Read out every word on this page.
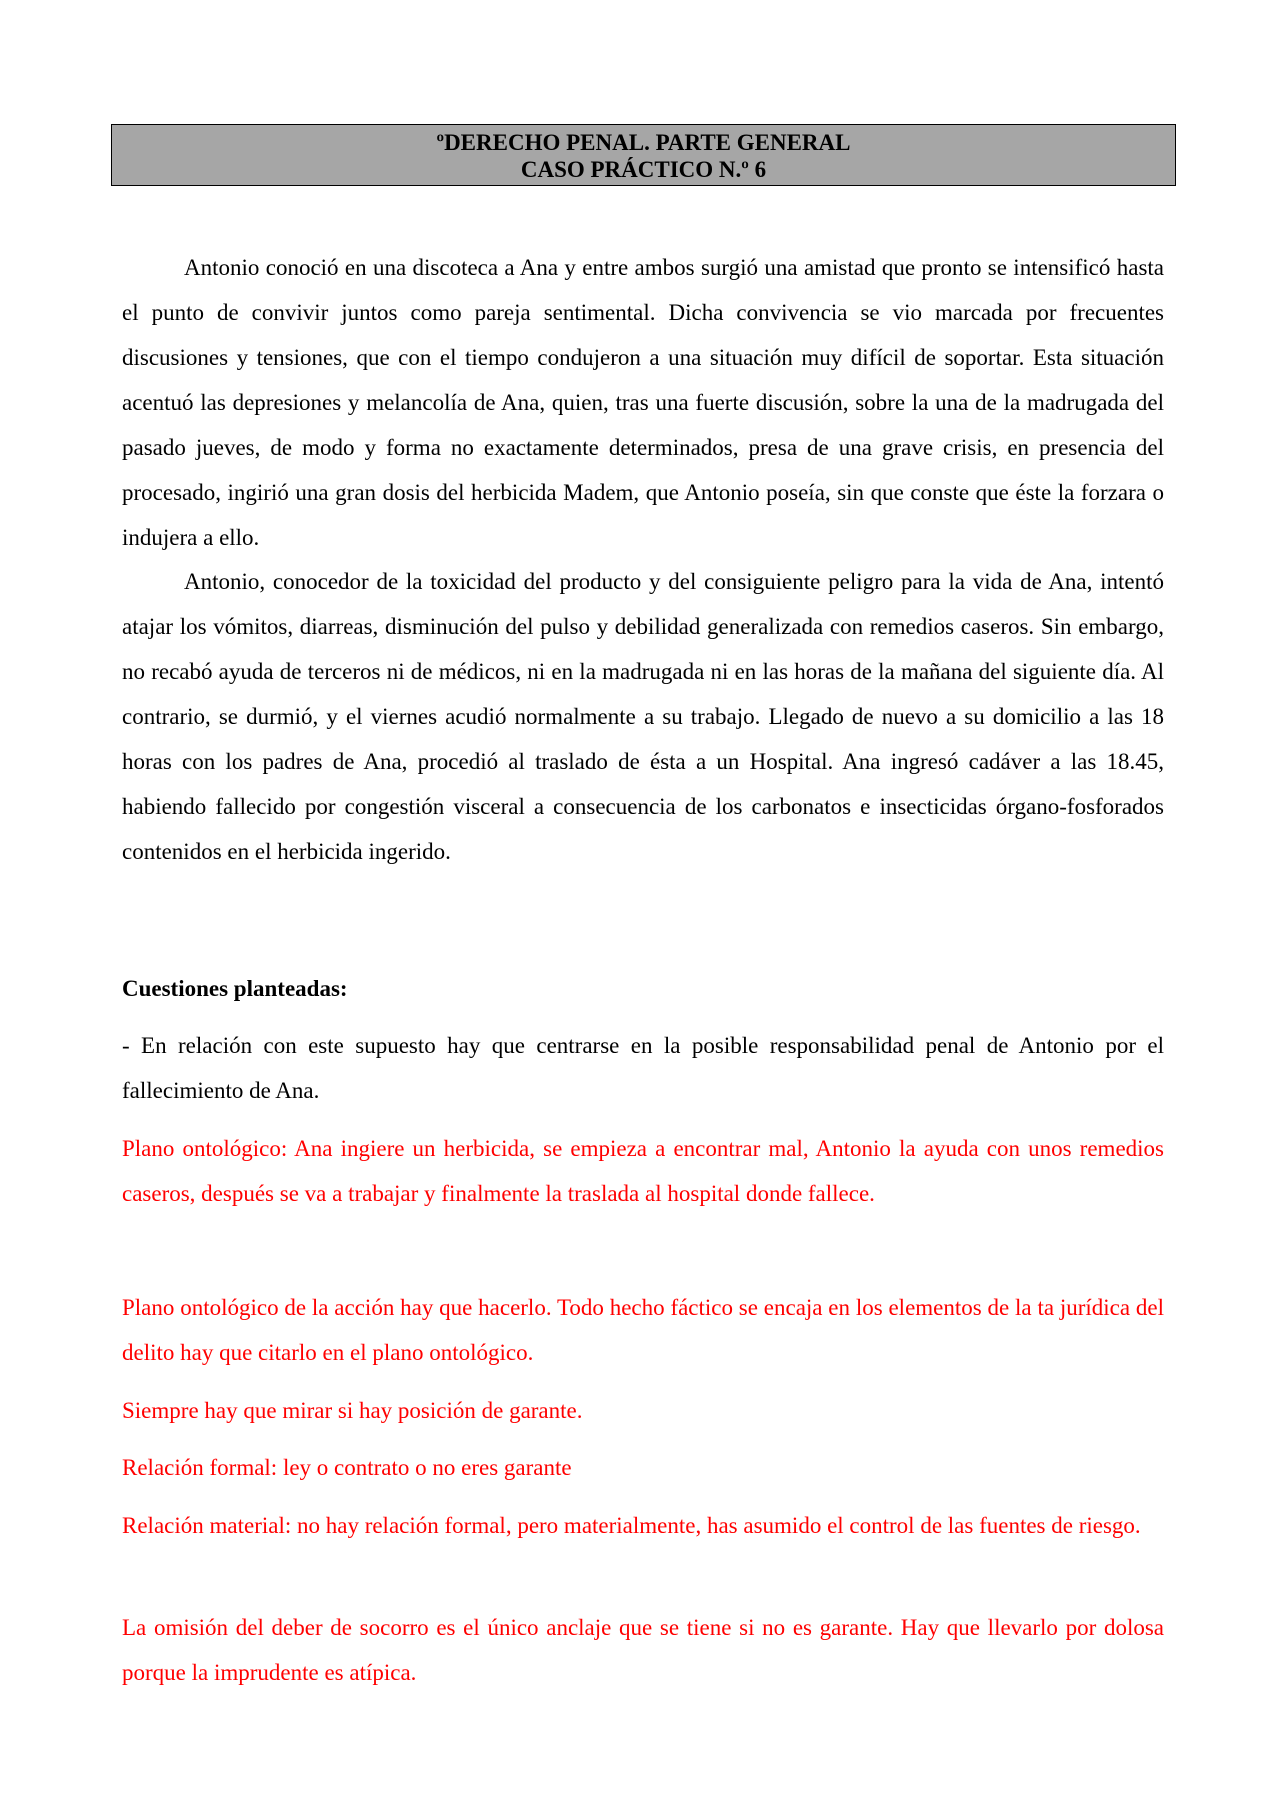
ºDERECHO PENAL. PARTE GENERAL
CASO PRÁCTICO N.º 6

Antonio conoció en una discoteca a Ana y entre ambos surgió una amistad que pronto se intensificó hasta el punto de convivir juntos como pareja sentimental. Dicha convivencia se vio marcada por frecuentes discusiones y tensiones, que con el tiempo condujeron a una situación muy difícil de soportar. Esta situación acentuó las depresiones y melancolía de Ana, quien, tras una fuerte discusión, sobre la una de la madrugada del pasado jueves, de modo y forma no exactamente determinados, presa de una grave crisis, en presencia del procesado, ingirió una gran dosis del herbicida Madem, que Antonio poseía, sin que conste que éste la forzara o indujera a ello.

Antonio, conocedor de la toxicidad del producto y del consiguiente peligro para la vida de Ana, intentó atajar los vómitos, diarreas, disminución del pulso y debilidad generalizada con remedios caseros. Sin embargo, no recabó ayuda de terceros ni de médicos, ni en la madrugada ni en las horas de la mañana del siguiente día. Al contrario, se durmió, y el viernes acudió normalmente a su trabajo. Llegado de nuevo a su domicilio a las 18 horas con los padres de Ana, procedió al traslado de ésta a un Hospital. Ana ingresó cadáver a las 18.45, habiendo fallecido por congestión visceral a consecuencia de los carbonatos e insecticidas órgano-fosforados contenidos en el herbicida ingerido.

Cuestiones planteadas:

- En relación con este supuesto hay que centrarse en la posible responsabilidad penal de Antonio por el fallecimiento de Ana.

Plano ontológico: Ana ingiere un herbicida, se empieza a encontrar mal, Antonio la ayuda con unos remedios caseros, después se va a trabajar y finalmente la traslada al hospital donde fallece.

Plano ontológico de la acción hay que hacerlo. Todo hecho fáctico se encaja en los elementos de la ta jurídica del delito hay que citarlo en el plano ontológico.

Siempre hay que mirar si hay posición de garante.

Relación formal: ley o contrato o no eres garante

Relación material: no hay relación formal, pero materialmente, has asumido el control de las fuentes de riesgo.

La omisión del deber de socorro es el único anclaje que se tiene si no es garante. Hay que llevarlo por dolosa porque la imprudente es atípica.
